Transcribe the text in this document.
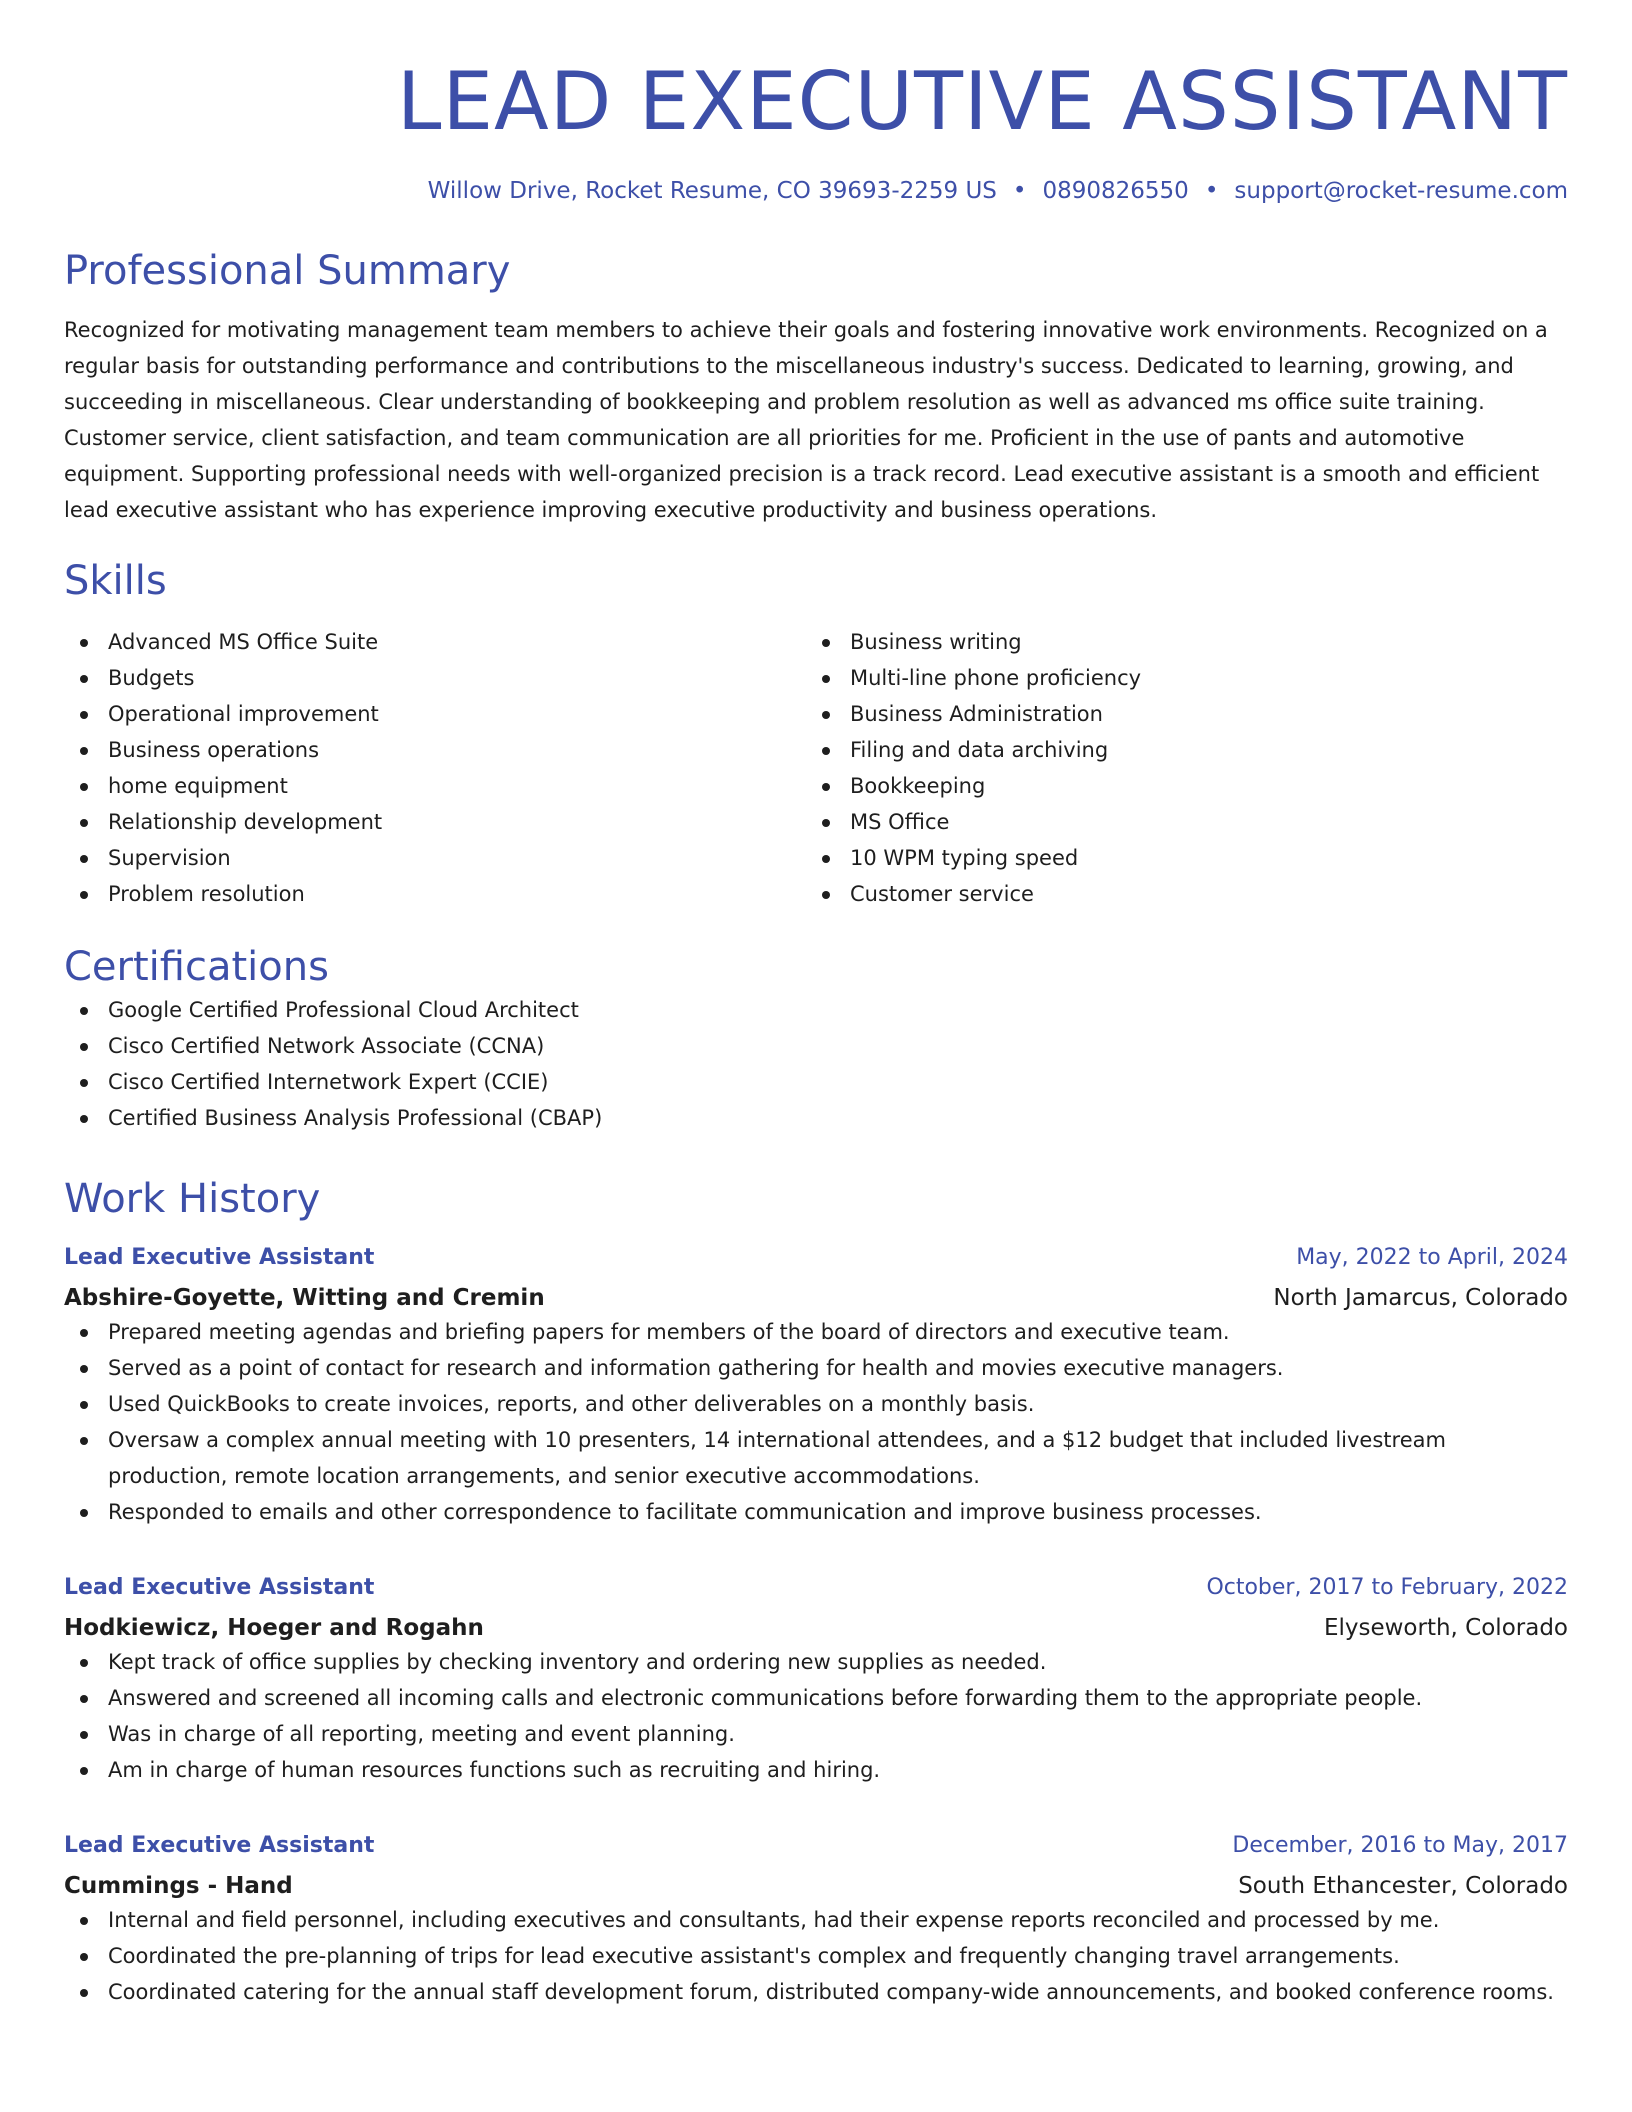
LEAD EXECUTIVE ASSISTANT
Willow Drive, Rocket Resume, CO 39693-2259 US • 0890826550 • support@rocket-resume.com
Professional Summary
Recognized for motivating management team members to achieve their goals and fostering innovative work environments. Recognized on a regular basis for outstanding performance and contributions to the miscellaneous industry's success. Dedicated to learning, growing, and succeeding in miscellaneous. Clear understanding of bookkeeping and problem resolution as well as advanced ms office suite training. Customer service, client satisfaction, and team communication are all priorities for me. Proficient in the use of pants and automotive equipment. Supporting professional needs with well-organized precision is a track record. Lead executive assistant is a smooth and efficient lead executive assistant who has experience improving executive productivity and business operations.
Skills
Advanced MS Office Suite
Budgets
Operational improvement
Business operations
home equipment
Relationship development
Supervision
Problem resolution
Business writing
Multi-line phone proficiency
Business Administration
Filing and data archiving
Bookkeeping
MS Office
10 WPM typing speed
Customer service
Certifications
Google Certified Professional Cloud Architect
Cisco Certified Network Associate (CCNA)
Cisco Certified Internetwork Expert (CCIE)
Certified Business Analysis Professional (CBAP)
Work History
Lead Executive Assistant	May, 2022 to April, 2024
Abshire-Goyette, Witting and Cremin	North Jamarcus, Colorado
Prepared meeting agendas and briefing papers for members of the board of directors and executive team.
Served as a point of contact for research and information gathering for health and movies executive managers.
Used QuickBooks to create invoices, reports, and other deliverables on a monthly basis.
Oversaw a complex annual meeting with 10 presenters, 14 international attendees, and a $12 budget that included livestream production, remote location arrangements, and senior executive accommodations.
Responded to emails and other correspondence to facilitate communication and improve business processes.
Lead Executive Assistant	October, 2017 to February, 2022
Hodkiewicz, Hoeger and Rogahn	Elyseworth, Colorado
Kept track of office supplies by checking inventory and ordering new supplies as needed.
Answered and screened all incoming calls and electronic communications before forwarding them to the appropriate people.
Was in charge of all reporting, meeting and event planning.
Am in charge of human resources functions such as recruiting and hiring.
Lead Executive Assistant	December, 2016 to May, 2017
Cummings - Hand	South Ethancester, Colorado
Internal and field personnel, including executives and consultants, had their expense reports reconciled and processed by me.
Coordinated the pre-planning of trips for lead executive assistant's complex and frequently changing travel arrangements.
Coordinated catering for the annual staff development forum, distributed company-wide announcements, and booked conference rooms.
